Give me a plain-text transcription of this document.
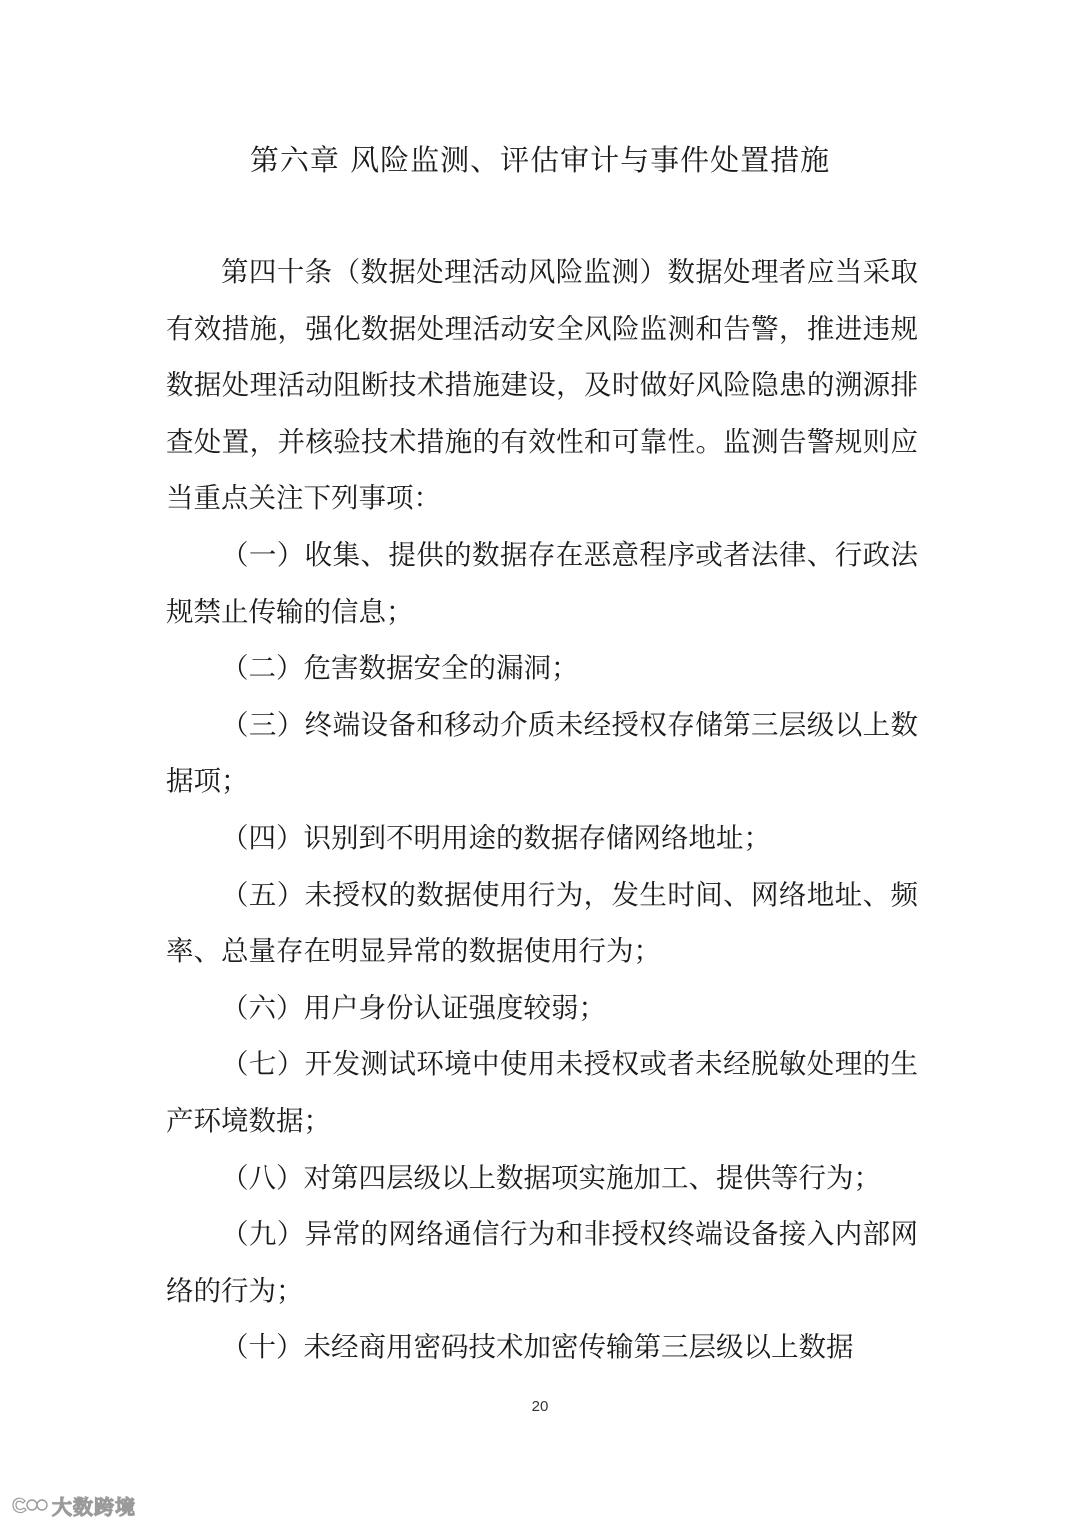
第六章 风险监测、评估审计与事件处置措施

第四十条（数据处理活动风险监测）数据处理者应当采取有效措施，强化数据处理活动安全风险监测和告警，推进违规数据处理活动阻断技术措施建设，及时做好风险隐患的溯源排查处置，并核验技术措施的有效性和可靠性。监测告警规则应当重点关注下列事项：

（一）收集、提供的数据存在恶意程序或者法律、行政法规禁止传输的信息；

（二）危害数据安全的漏洞；

（三）终端设备和移动介质未经授权存储第三层级以上数据项；

（四）识别到不明用途的数据存储网络地址；

（五）未授权的数据使用行为，发生时间、网络地址、频率、总量存在明显异常的数据使用行为；

（六）用户身份认证强度较弱；

（七）开发测试环境中使用未授权或者未经脱敏处理的生产环境数据；

（八）对第四层级以上数据项实施加工、提供等行为；

（九）异常的网络通信行为和非授权终端设备接入内部网络的行为；

（十）未经商用密码技术加密传输第三层级以上数据

20
大数跨境
